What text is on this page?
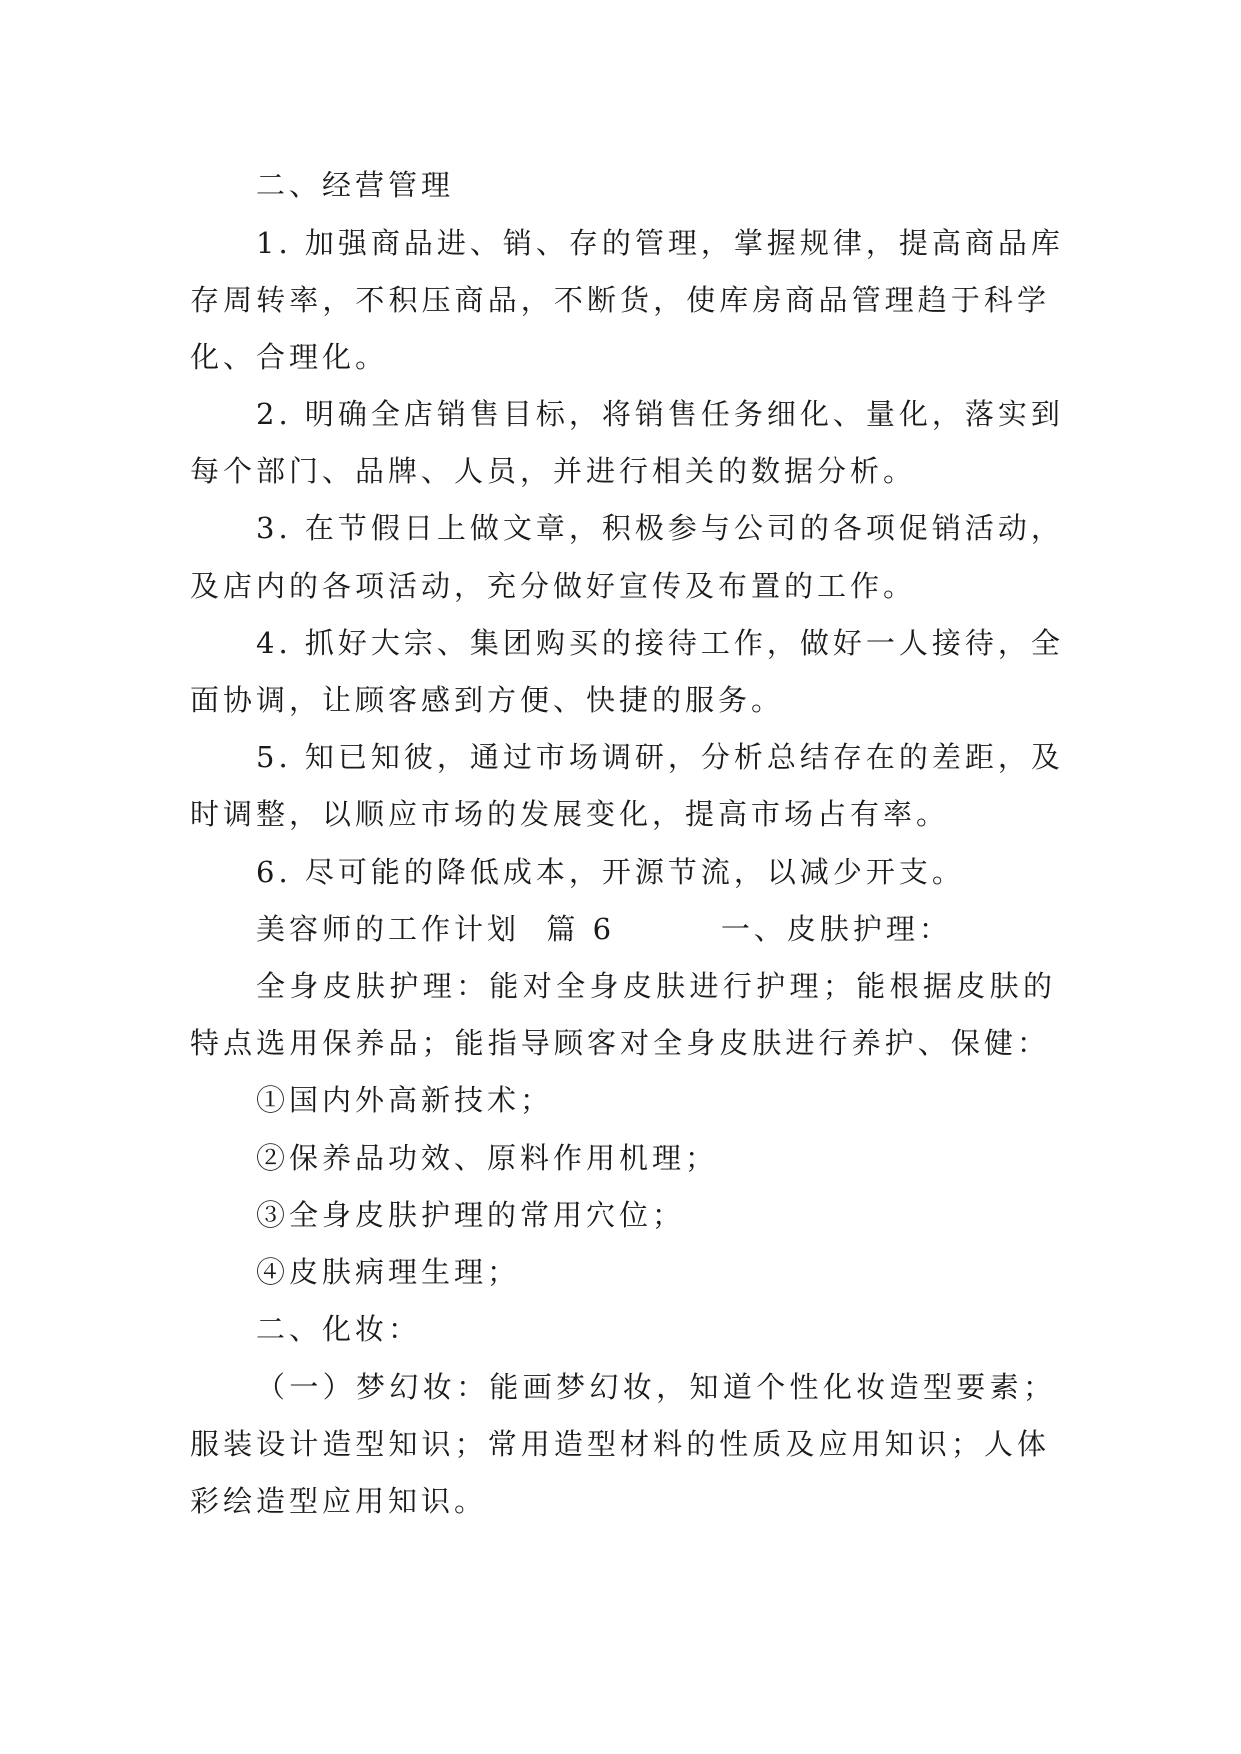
二、经营管理
1. 加强商品进、销、存的管理，掌握规律，提高商品库
存周转率，不积压商品，不断货，使库房商品管理趋于科学
化、合理化。
2. 明确全店销售目标，将销售任务细化、量化，落实到
每个部门、品牌、人员，并进行相关的数据分析。
3. 在节假日上做文章，积极参与公司的各项促销活动，
及店内的各项活动，充分做好宣传及布置的工作。
4. 抓好大宗、集团购买的接待工作，做好一人接待，全
面协调，让顾客感到方便、快捷的服务。
5. 知已知彼，通过市场调研，分析总结存在的差距，及
时调整，以顺应市场的发展变化，提高市场占有率。
6. 尽可能的降低成本，开源节流，以减少开支。
美容师的工作计划  篇 6        一、皮肤护理：
全身皮肤护理：能对全身皮肤进行护理；能根据皮肤的
特点选用保养品；能指导顾客对全身皮肤进行养护、保健：
①国内外高新技术；
②保养品功效、原料作用机理；
③全身皮肤护理的常用穴位；
④皮肤病理生理；
二、化妆：
（一）梦幻妆：能画梦幻妆，知道个性化妆造型要素；
服装设计造型知识；常用造型材料的性质及应用知识；人体
彩绘造型应用知识。
